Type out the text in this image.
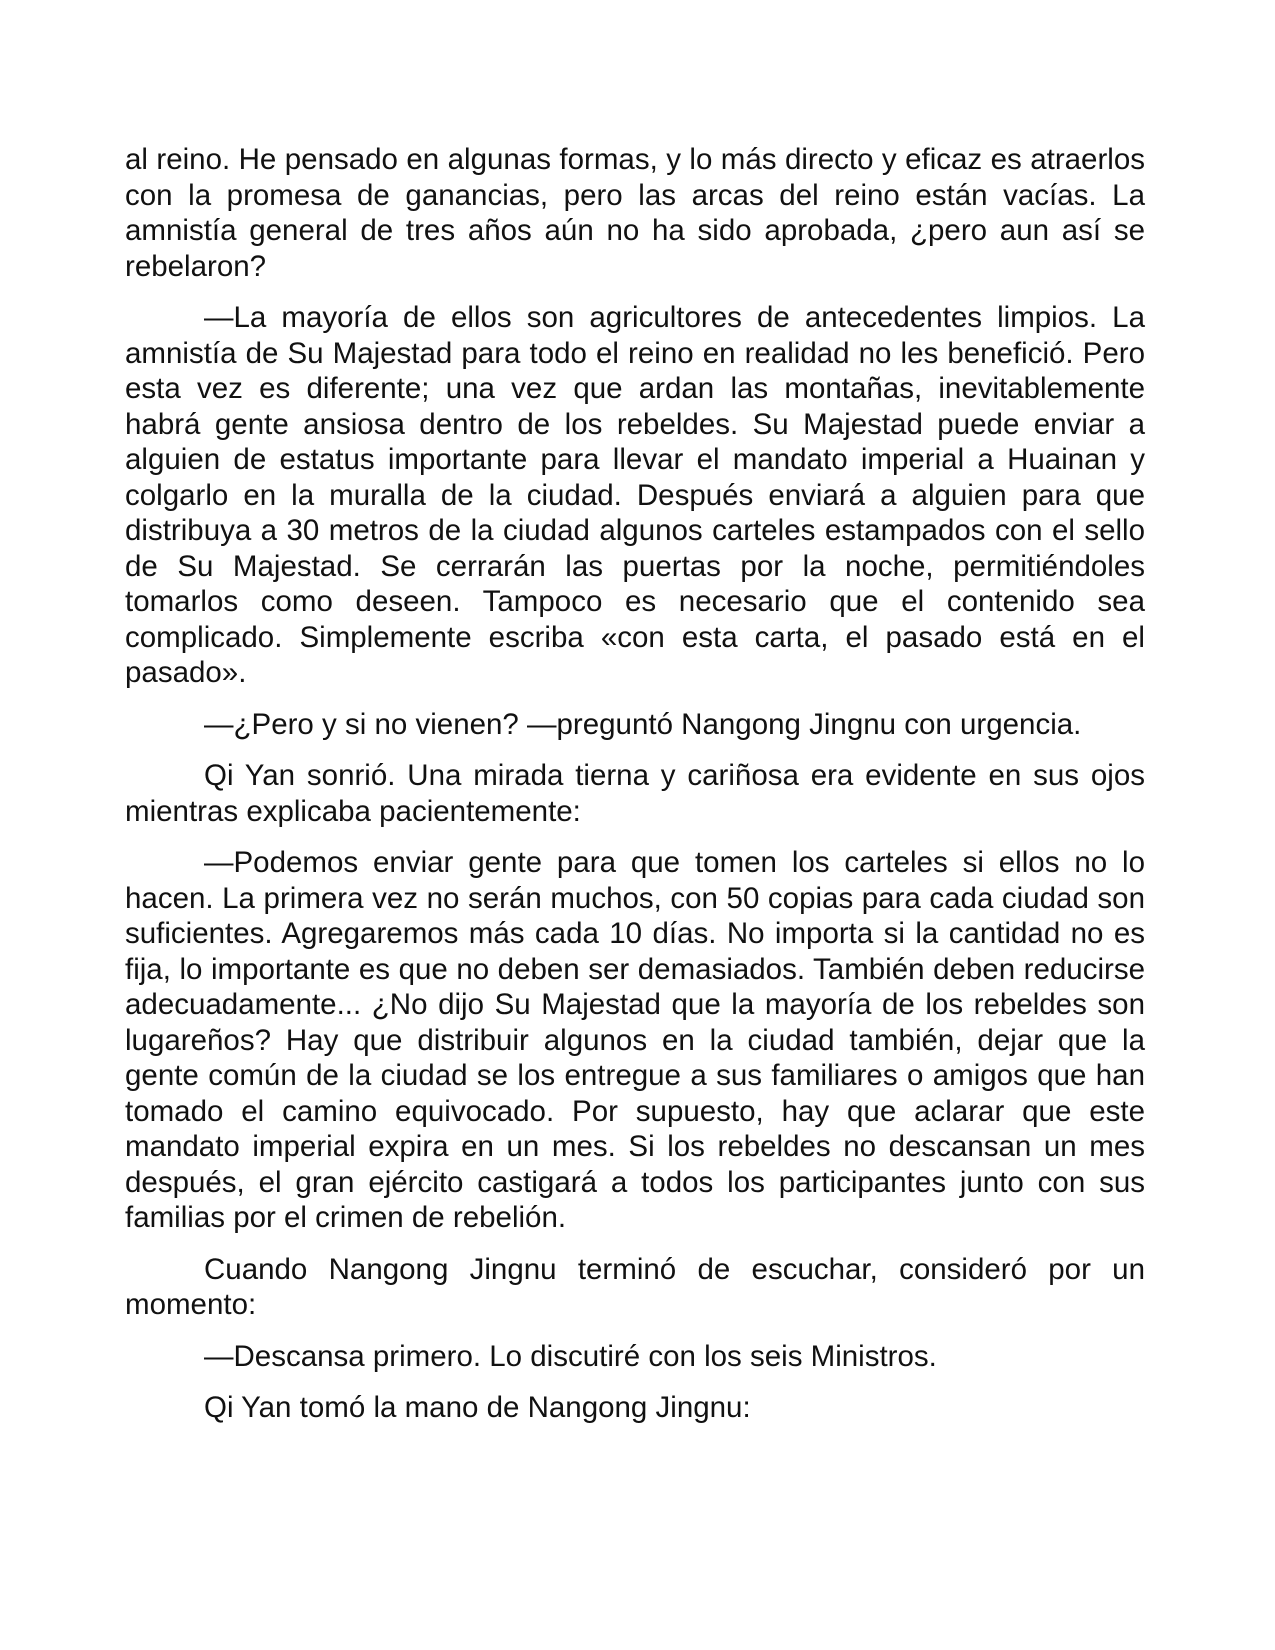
al reino. He pensado en algunas formas, y lo más directo y eficaz es atraerlos con la promesa de ganancias, pero las arcas del reino están vacías. La amnistía general de tres años aún no ha sido aprobada, ¿pero aun así se rebelaron?

—La mayoría de ellos son agricultores de antecedentes limpios. La amnistía de Su Majestad para todo el reino en realidad no les benefició. Pero esta vez es diferente; una vez que ardan las montañas, inevitablemente habrá gente ansiosa dentro de los rebeldes. Su Majestad puede enviar a alguien de estatus importante para llevar el mandato imperial a Huainan y colgarlo en la muralla de la ciudad. Después enviará a alguien para que distribuya a 30 metros de la ciudad algunos carteles estampados con el sello de Su Majestad. Se cerrarán las puertas por la noche, permitiéndoles tomarlos como deseen. Tampoco es necesario que el contenido sea complicado. Simplemente escriba «con esta carta, el pasado está en el pasado».

—¿Pero y si no vienen? —preguntó Nangong Jingnu con urgencia.

Qi Yan sonrió. Una mirada tierna y cariñosa era evidente en sus ojos mientras explicaba pacientemente:

—Podemos enviar gente para que tomen los carteles si ellos no lo hacen. La primera vez no serán muchos, con 50 copias para cada ciudad son suficientes. Agregaremos más cada 10 días. No importa si la cantidad no es fija, lo importante es que no deben ser demasiados. También deben reducirse adecuadamente... ¿No dijo Su Majestad que la mayoría de los rebeldes son lugareños? Hay que distribuir algunos en la ciudad también, dejar que la gente común de la ciudad se los entregue a sus familiares o amigos que han tomado el camino equivocado. Por supuesto, hay que aclarar que este mandato imperial expira en un mes. Si los rebeldes no descansan un mes después, el gran ejército castigará a todos los participantes junto con sus familias por el crimen de rebelión.

Cuando Nangong Jingnu terminó de escuchar, consideró por un momento:

—Descansa primero. Lo discutiré con los seis Ministros.

Qi Yan tomó la mano de Nangong Jingnu:
